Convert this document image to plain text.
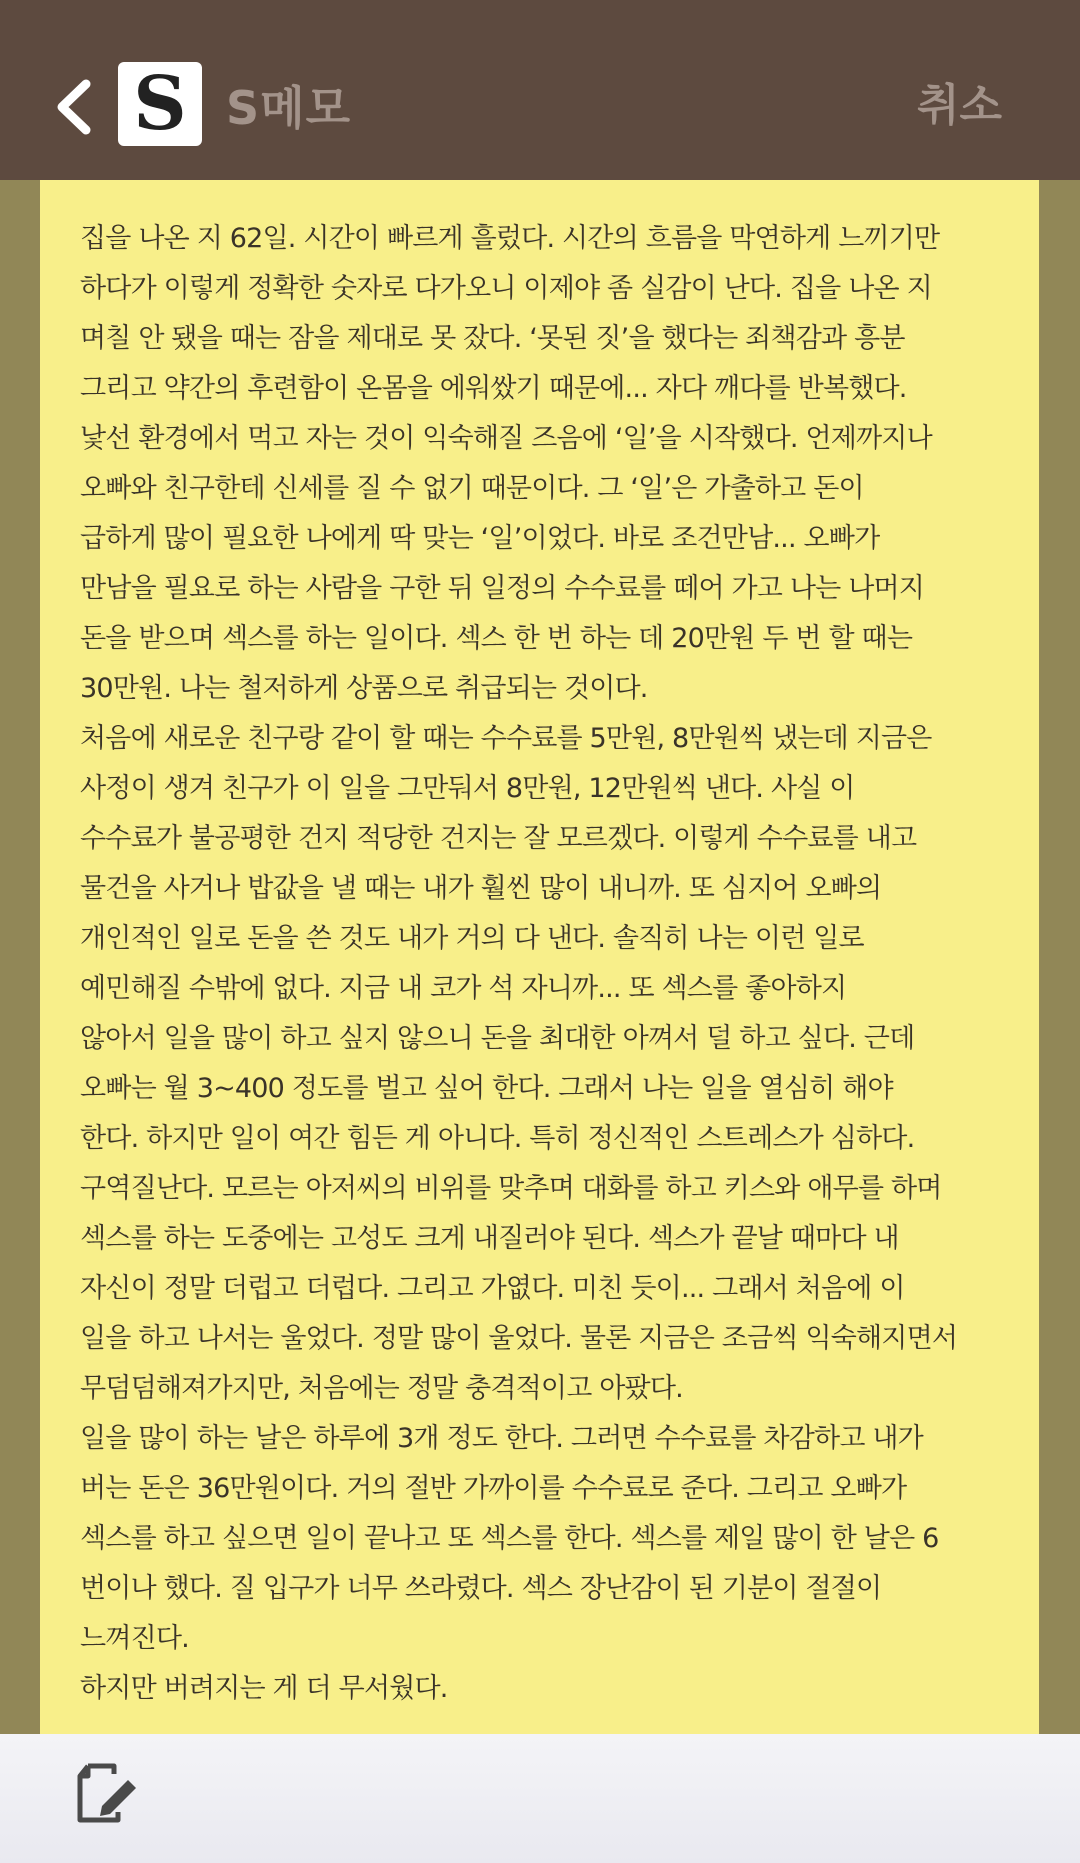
S S메모	취소
집을 나온 지 62일. 시간이 빠르게 흘렀다. 시간의 흐름을 막연하게 느끼기만
하다가 이렇게 정확한 숫자로 다가오니 이제야 좀 실감이 난다. 집을 나온 지
며칠 안 됐을 때는 잠을 제대로 못 잤다. ‘못된 짓’을 했다는 죄책감과 흥분
그리고 약간의 후련함이 온몸을 에워쌌기 때문에... 자다 깨다를 반복했다.
낯선 환경에서 먹고 자는 것이 익숙해질 즈음에 ‘일’을 시작했다. 언제까지나
오빠와 친구한테 신세를 질 수 없기 때문이다. 그 ‘일’은 가출하고 돈이
급하게 많이 필요한 나에게 딱 맞는 ‘일’이었다. 바로 조건만남... 오빠가
만남을 필요로 하는 사람을 구한 뒤 일정의 수수료를 떼어 가고 나는 나머지
돈을 받으며 섹스를 하는 일이다. 섹스 한 번 하는 데 20만원 두 번 할 때는
30만원. 나는 철저하게 상품으로 취급되는 것이다.
처음에 새로운 친구랑 같이 할 때는 수수료를 5만원, 8만원씩 냈는데 지금은
사정이 생겨 친구가 이 일을 그만둬서 8만원, 12만원씩 낸다. 사실 이
수수료가 불공평한 건지 적당한 건지는 잘 모르겠다. 이렇게 수수료를 내고
물건을 사거나 밥값을 낼 때는 내가 훨씬 많이 내니까. 또 심지어 오빠의
개인적인 일로 돈을 쓴 것도 내가 거의 다 낸다. 솔직히 나는 이런 일로
예민해질 수밖에 없다. 지금 내 코가 석 자니까... 또 섹스를 좋아하지
않아서 일을 많이 하고 싶지 않으니 돈을 최대한 아껴서 덜 하고 싶다. 근데
오빠는 월 3~400 정도를 벌고 싶어 한다. 그래서 나는 일을 열심히 해야
한다. 하지만 일이 여간 힘든 게 아니다. 특히 정신적인 스트레스가 심하다.
구역질난다. 모르는 아저씨의 비위를 맞추며 대화를 하고 키스와 애무를 하며
섹스를 하는 도중에는 고성도 크게 내질러야 된다. 섹스가 끝날 때마다 내
자신이 정말 더럽고 더럽다. 그리고 가엾다. 미친 듯이... 그래서 처음에 이
일을 하고 나서는 울었다. 정말 많이 울었다. 물론 지금은 조금씩 익숙해지면서
무덤덤해져가지만, 처음에는 정말 충격적이고 아팠다.
일을 많이 하는 날은 하루에 3개 정도 한다. 그러면 수수료를 차감하고 내가
버는 돈은 36만원이다. 거의 절반 가까이를 수수료로 준다. 그리고 오빠가
섹스를 하고 싶으면 일이 끝나고 또 섹스를 한다. 섹스를 제일 많이 한 날은 6
번이나 했다. 질 입구가 너무 쓰라렸다. 섹스 장난감이 된 기분이 절절이
느껴진다.
하지만 버려지는 게 더 무서웠다.
